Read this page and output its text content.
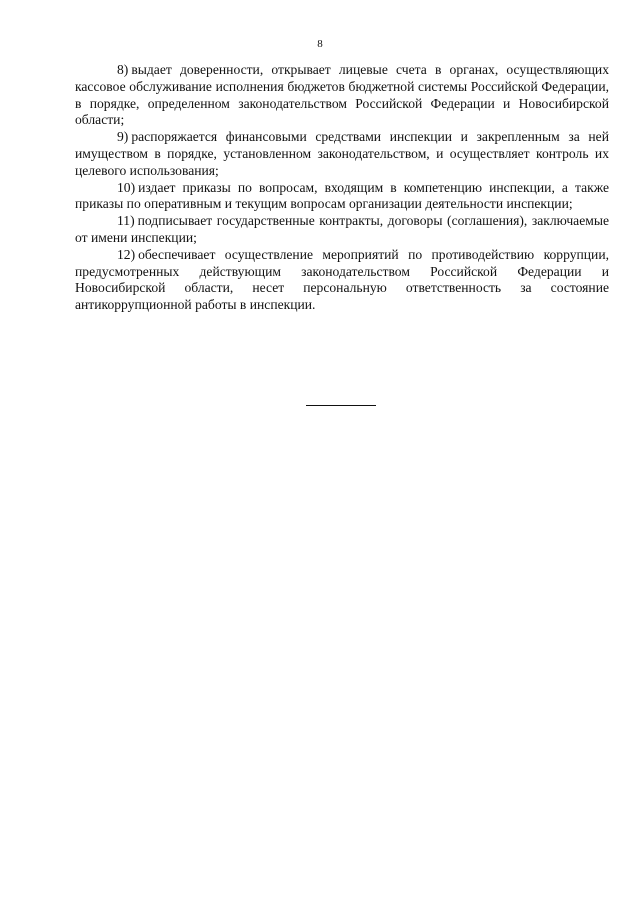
8

8) выдает доверенности, открывает лицевые счета в органах, осуществляющих кассовое обслуживание исполнения бюджетов бюджетной системы Российской Федерации, в порядке, определенном законодательством Российской Федерации и Новосибирской области;

9) распоряжается финансовыми средствами инспекции и закрепленным за ней имуществом в порядке, установленном законодательством, и осуществляет контроль их целевого использования;

10) издает приказы по вопросам, входящим в компетенцию инспекции, а также приказы по оперативным и текущим вопросам организации деятельности инспекции;

11) подписывает государственные контракты, договоры (соглашения), заключаемые от имени инспекции;

12) обеспечивает осуществление мероприятий по противодействию коррупции, предусмотренных действующим законодательством Российской Федерации и Новосибирской области, несет персональную ответственность за состояние антикоррупционной работы в инспекции.
